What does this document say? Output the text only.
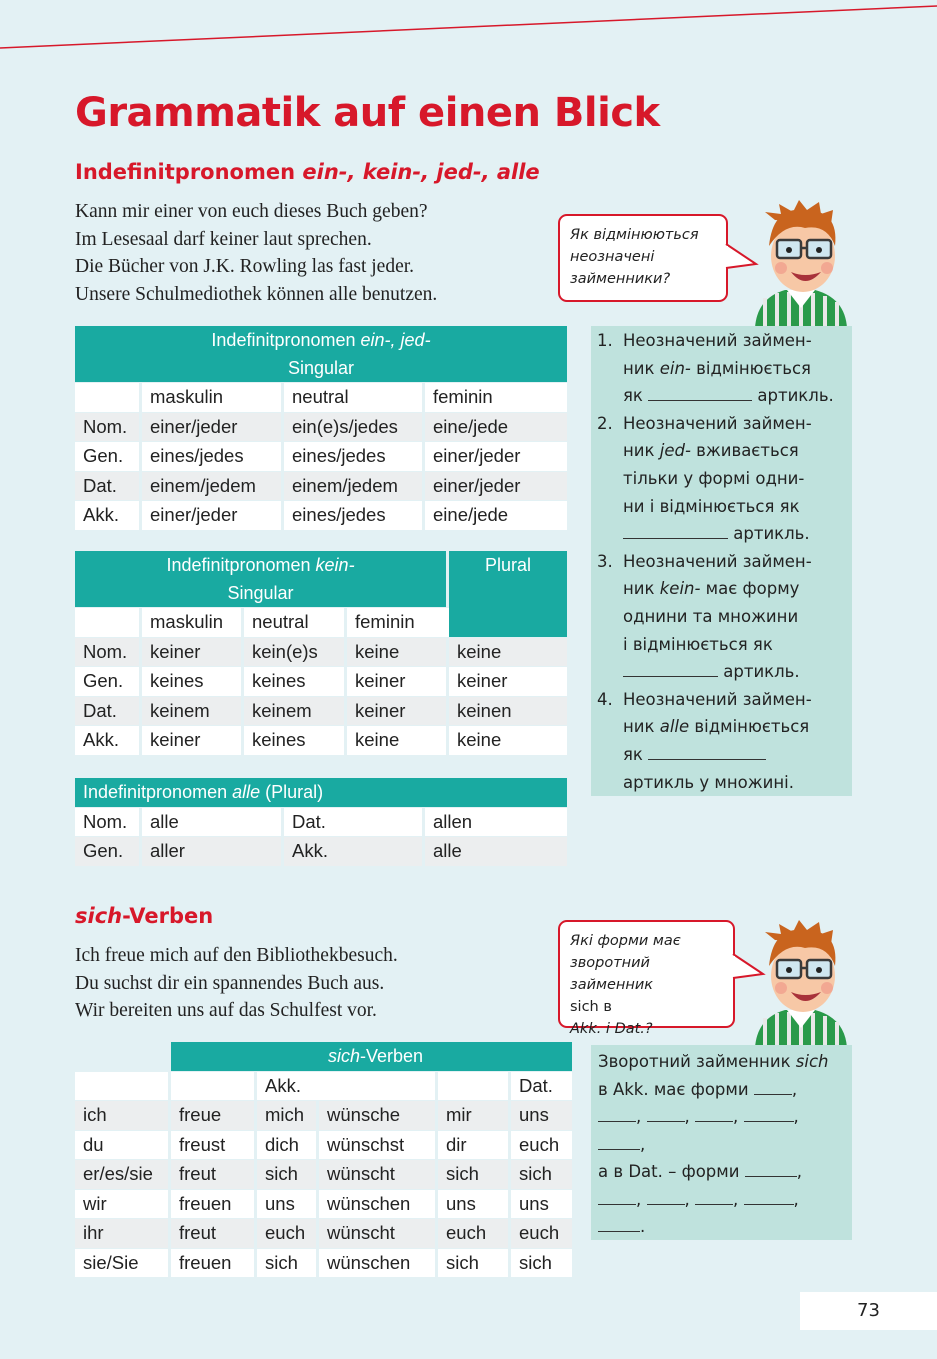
Grammatik auf einen Blick
Indefinitpronomen ein-, kein-, jed-, alle
Kann mir einer von euch dieses Buch geben?
Im Lesesaal darf keiner laut sprechen.
Die Bücher von J.K. Rowling las fast jeder.
Unsere Schulmediothek können alle benutzen.
Як відмінюються
неозначені
займенники?
Indefinitpronomen ein-, jed-
Singular			
	maskulin	neutral	feminin
Nom.	einer/jeder	ein(e)s/jedes	eine/jede
Gen.	eines/jedes	eines/jedes	einer/jeder
Dat.	einem/jedem	einem/jedem	einer/jeder
Akk.	einer/jeder	eines/jedes	eine/jede
Indefinitpronomen kein-
Singular				Plural
	maskulin	neutral	feminin	
Nom.	keiner	kein(e)s	keine	keine
Gen.	keines	keines	keiner	keiner
Dat.	keinem	keinem	keiner	keinen
Akk.	keiner	keines	keine	keine
Indefinitpronomen alle (Plural)			
Nom.	alle	Dat.	allen
Gen.	aller	Akk.	alle
1. Неозначений займен-
ник ein- відмінюється
як	артикль.
2. Неозначений займен-
ник jed- вживається
тільки у формі одни-
ни і відмінюється як
артикль.
3. Неозначений займен-
ник kein- має форму
однини та множини
і відмінюється як
артикль.
4. Неозначений займен-
ник alle відмінюється
як
артикль у множині.
sich-Verben
Ich freue mich auf den Bibliothekbesuch.
Du suchst dir ein spannendes Buch aus.
Wir bereiten uns auf das Schulfest vor.
Які форми має
зворотний
займенник
sich в
Akk. і Dat.?
	sich-Verben				
		Akk.			Dat.
ich	freue	mich	wünsche	mir	uns
du	freust	dich	wünschst	dir	euch
er/es/sie	freut	sich	wünscht	sich	sich
wir	freuen	uns	wünschen	uns	uns
ihr	freut	euch	wünscht	euch	euch
sie/Sie	freuen	sich	wünschen	sich	sich
Зворотний займенник sich
в Akk. має форми ,
, , ,	,
,
а в Dat. – форми	,
, , ,	,
.
73
